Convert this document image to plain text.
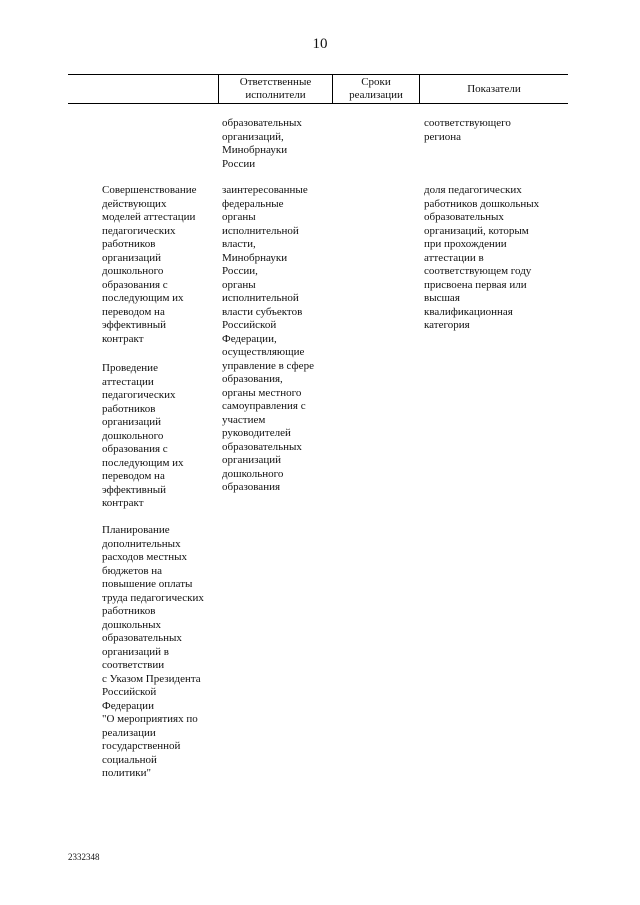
10
Ответственные исполнители
Сроки реализации
Показатели

образовательных
организаций,
Минобрнауки
России

соответствующего
региона

Совершенствование
действующих
моделей аттестации
педагогических
работников
организаций
дошкольного
образования с
последующим их
переводом на
эффективный
контракт

заинтересованные
федеральные
органы
исполнительной
власти,
Минобрнауки
России,
органы
исполнительной
власти субъектов
Российской
Федерации,
осуществляющие
управление в сфере
образования,
органы местного
самоуправления с
участием
руководителей
образовательных
организаций
дошкольного
образования

доля педагогических
работников дошкольных
образовательных
организаций, которым
при прохождении
аттестации в
соответствующем году
присвоена первая или
высшая
квалификационная
категория

Проведение
аттестации
педагогических
работников
организаций
дошкольного
образования с
последующим их
переводом на
эффективный
контракт

Планирование
дополнительных
расходов местных
бюджетов на
повышение оплаты
труда педагогических
работников
дошкольных
образовательных
организаций в
соответствии
с Указом Президента
Российской
Федерации
"О мероприятиях по
реализации
государственной
социальной
политики"

2332348
